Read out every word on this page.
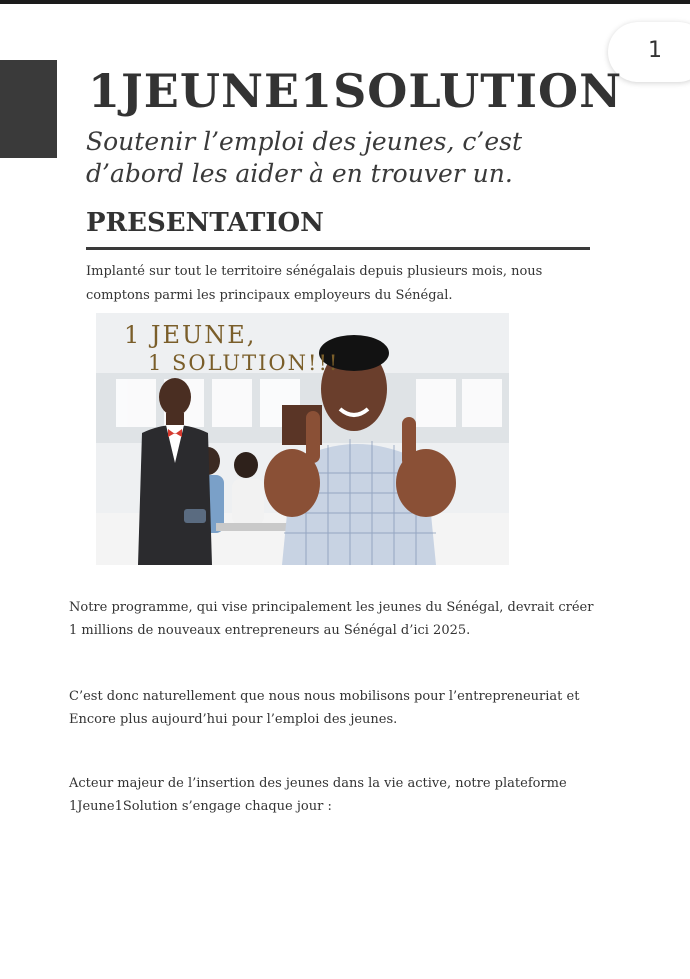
1
1JEUNE1SOLUTION

Soutenir l’emploi des jeunes, c’est d’abord les aider à en trouver un.

PRESENTATION

Implanté sur tout le territoire sénégalais depuis plusieurs mois, nous comptons parmi les principaux employeurs du Sénégal.

1 JEUNE,
1 SOLUTION!!!

Notre programme, qui vise principalement les jeunes du Sénégal, devrait créer 1 millions de nouveaux entrepreneurs au Sénégal d’ici 2025.

C’est donc naturellement que nous nous mobilisons pour l’entrepreneuriat et Encore plus aujourd’hui pour l’emploi des jeunes.

Acteur majeur de l’insertion des jeunes dans la vie active, notre plateforme 1Jeune1Solution s’engage chaque jour :
